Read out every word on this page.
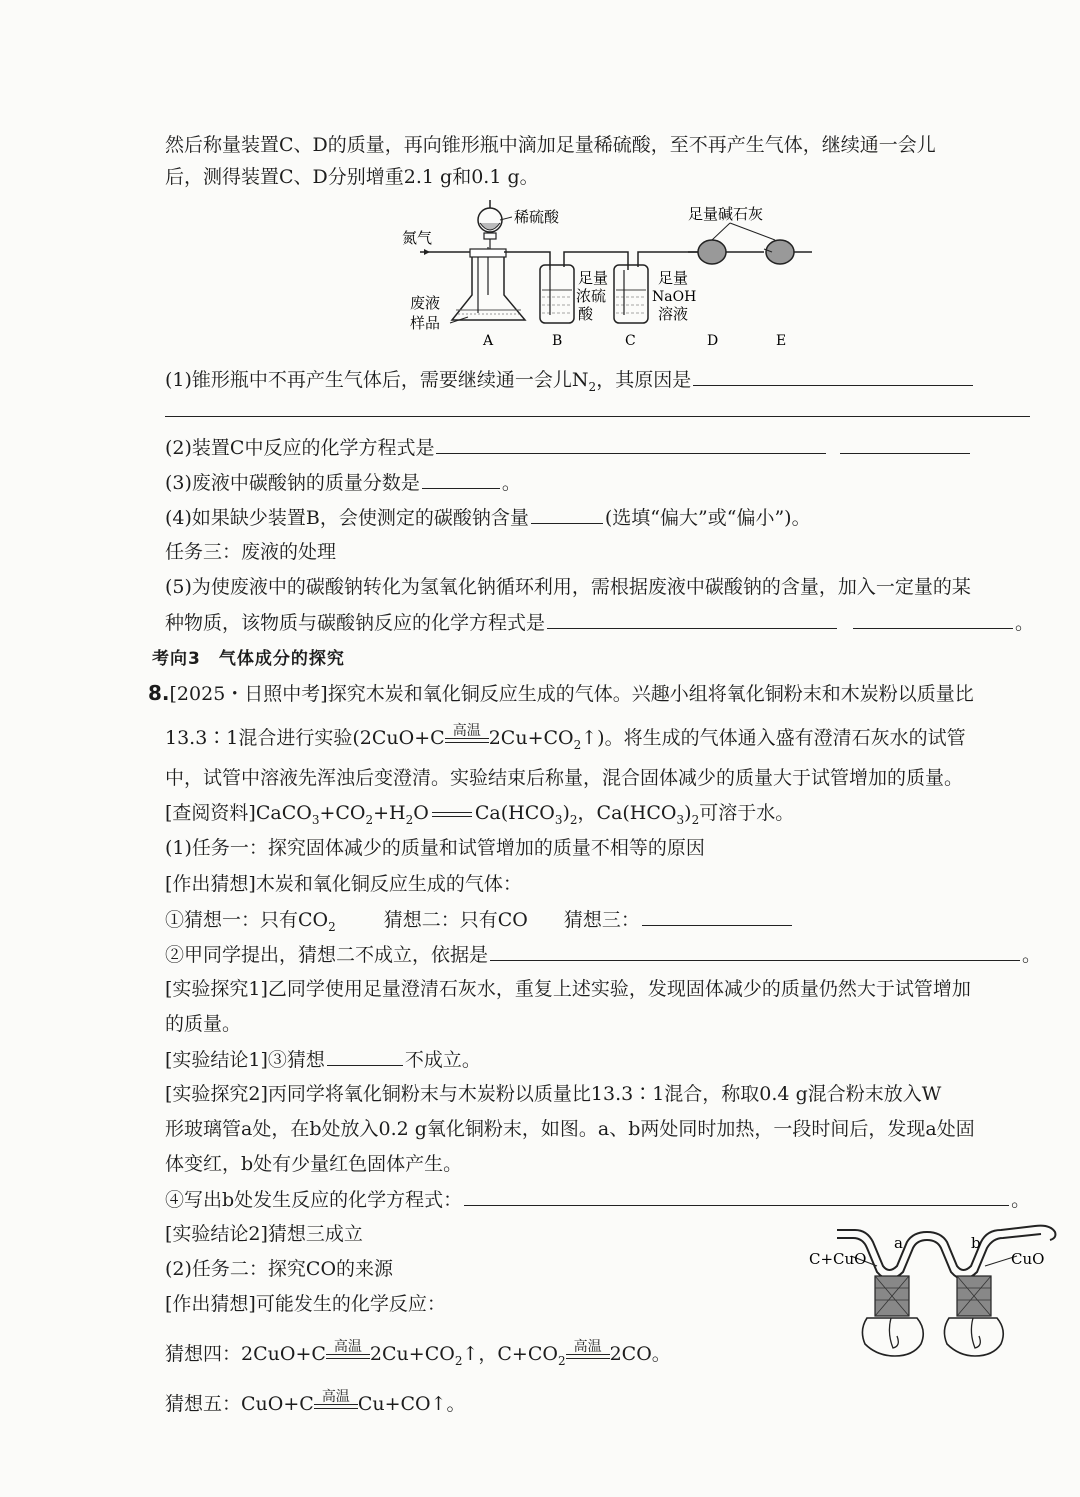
然后称量装置C、D的质量，再向锥形瓶中滴加足量稀硫酸，至不再产生气体，继续通一会儿
后，测得装置C、D分别增重2.1 g和0.1 g。
氮气
稀硫酸
废液
样品
足量
浓硫
酸
足量
NaOH
溶液
足量碱石灰
A	B	C	D	E
(1)锥形瓶中不再产生气体后，需要继续通一会儿$N_2$，其原因是
(2)装置C中反应的化学方程式是
(3)废液中碳酸钠的质量分数是	。
(4)如果缺少装置B，会使测定的碳酸钠含量	(选填“偏大”或“偏小”)。
任务三：废液的处理
(5)为使废液中的碳酸钠转化为氢氧化钠循环利用，需根据废液中碳酸钠的含量，加入一定量的某
种物质，该物质与碳酸钠反应的化学方程式是	。
考向3　气体成分的探究
8.[2025・日照中考]探究木炭和氧化铜反应生成的气体。兴趣小组将氧化铜粉末和木炭粉以质量比
13.3∶1混合进行实验(2CuO+C 高温 $2Cu+CO_2↑$)。将生成的气体通入盛有澄清石灰水的试管
中，试管中溶液先浑浊后变澄清。实验结束后称量，混合固体减少的质量大于试管增加的质量。
[查阅资料]$CaCO_3+CO_2+H_2O$ $Ca(HCO_3)_2$，$Ca(HCO_3)_2$可溶于水。
(1)任务一：探究固体减少的质量和试管增加的质量不相等的原因
[作出猜想]木炭和氧化铜反应生成的气体：
①猜想一：只有$CO_2$	猜想二：只有CO 猜想三：
②甲同学提出，猜想二不成立，依据是	。
[实验探究1]乙同学使用足量澄清石灰水，重复上述实验，发现固体减少的质量仍然大于试管增加
的质量。
[实验结论1]③猜想	不成立。
[实验探究2]丙同学将氧化铜粉末与木炭粉以质量比13.3∶1混合，称取0.4 g混合粉末放入W
形玻璃管a处，在b处放入0.2 g氧化铜粉末，如图。a、b两处同时加热，一段时间后，发现a处固
体变红，b处有少量红色固体产生。
④写出b处发生反应的化学方程式：	。
[实验结论2]猜想三成立
(2)任务二：探究CO的来源
[作出猜想]可能发生的化学反应：
猜想四：2CuO+C 高温 $2Cu+CO_2↑$，$C+CO_2$
高温 2CO。
猜想五：CuO+C 高温 Cu+CO↑。
C+CuO
a	b
CuO
